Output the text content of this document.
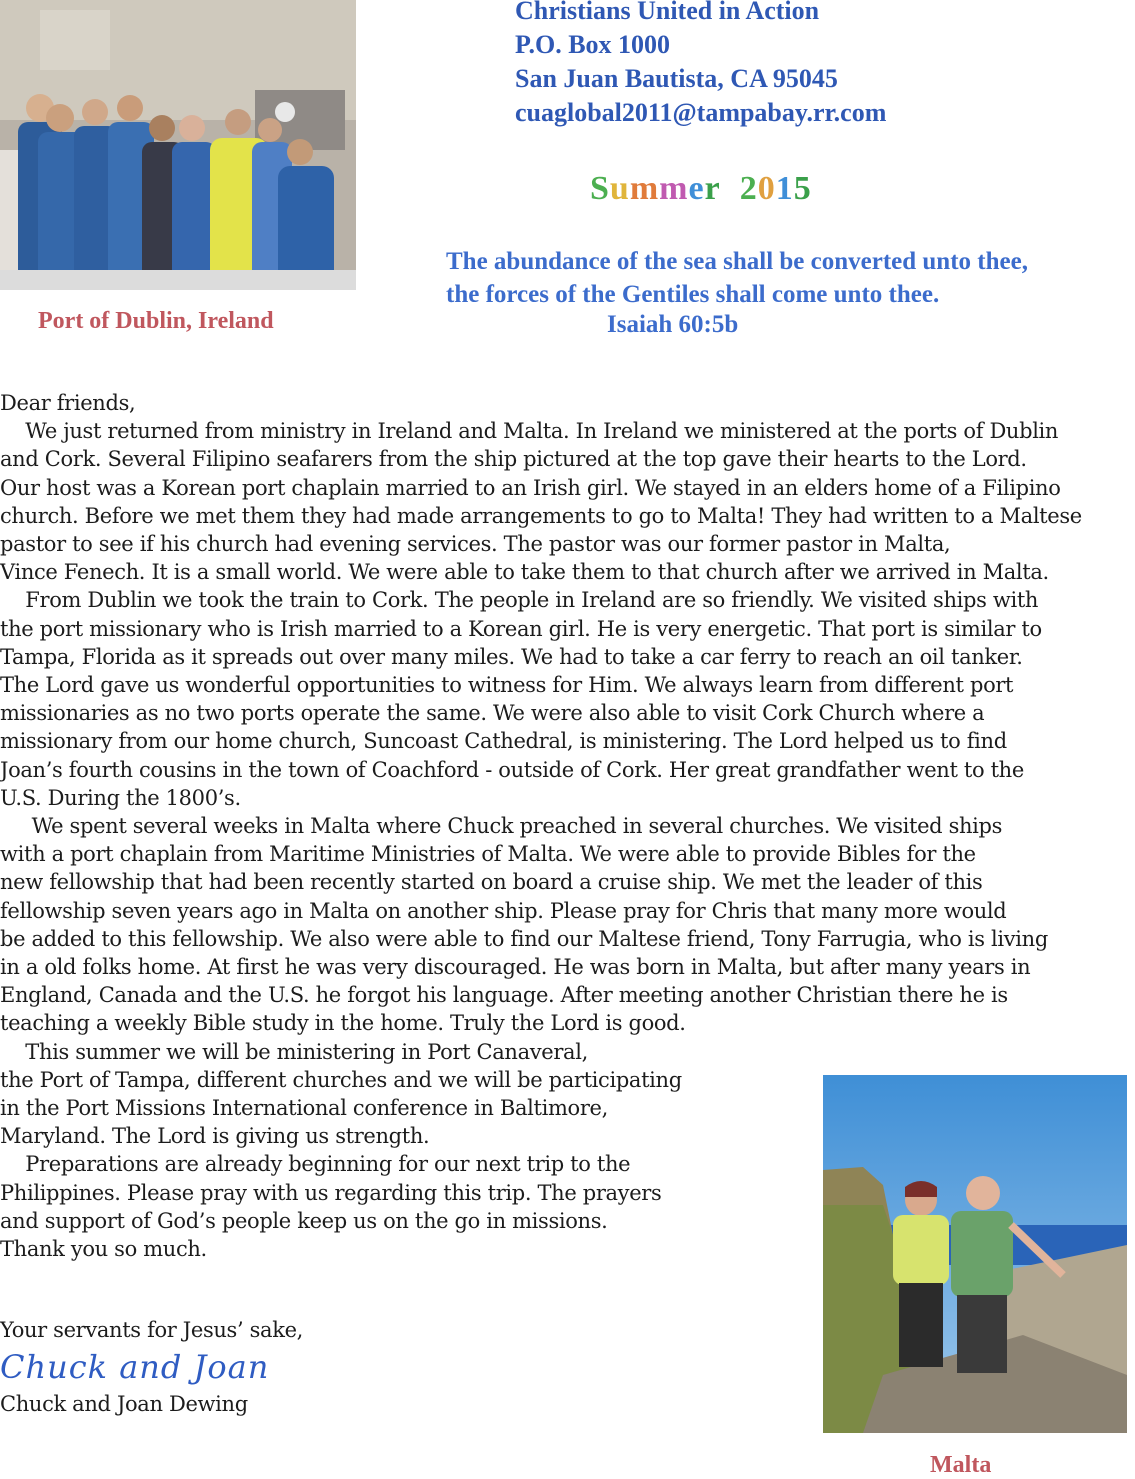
Port of Dublin, Ireland
Christians United in Action
P.O. Box 1000
San Juan Bautista, CA 95045
cuaglobal2011@tampabay.rr.com
Summer 2015
The abundance of the sea shall be converted unto thee,
the forces of the Gentiles shall come unto thee.
Isaiah 60:5b
Dear friends,
We just returned from ministry in Ireland and Malta. In Ireland we ministered at the ports of Dublin
and Cork. Several Filipino seafarers from the ship pictured at the top gave their hearts to the Lord.
Our host was a Korean port chaplain married to an Irish girl. We stayed in an elders home of a Filipino
church. Before we met them they had made arrangements to go to Malta! They had written to a Maltese
pastor to see if his church had evening services. The pastor was our former pastor in Malta,
Vince Fenech. It is a small world. We were able to take them to that church after we arrived in Malta.
From Dublin we took the train to Cork. The people in Ireland are so friendly. We visited ships with
the port missionary who is Irish married to a Korean girl. He is very energetic. That port is similar to
Tampa, Florida as it spreads out over many miles. We had to take a car ferry to reach an oil tanker.
The Lord gave us wonderful opportunities to witness for Him. We always learn from different port
missionaries as no two ports operate the same. We were also able to visit Cork Church where a
missionary from our home church, Suncoast Cathedral, is ministering. The Lord helped us to find
Joan’s fourth cousins in the town of Coachford - outside of Cork. Her great grandfather went to the
U.S. During the 1800’s.
We spent several weeks in Malta where Chuck preached in several churches. We visited ships
with a port chaplain from Maritime Ministries of Malta. We were able to provide Bibles for the
new fellowship that had been recently started on board a cruise ship. We met the leader of this
fellowship seven years ago in Malta on another ship. Please pray for Chris that many more would
be added to this fellowship. We also were able to find our Maltese friend, Tony Farrugia, who is living
in a old folks home. At first he was very discouraged. He was born in Malta, but after many years in
England, Canada and the U.S. he forgot his language. After meeting another Christian there he is
teaching a weekly Bible study in the home. Truly the Lord is good.
This summer we will be ministering in Port Canaveral,
the Port of Tampa, different churches and we will be participating
in the Port Missions International conference in Baltimore,
Maryland. The Lord is giving us strength.
Preparations are already beginning for our next trip to the
Philippines. Please pray with us regarding this trip. The prayers
and support of God’s people keep us on the go in missions.
Thank you so much.
Your servants for Jesus’ sake,
Chuck and Joan
Chuck and Joan Dewing
Malta
